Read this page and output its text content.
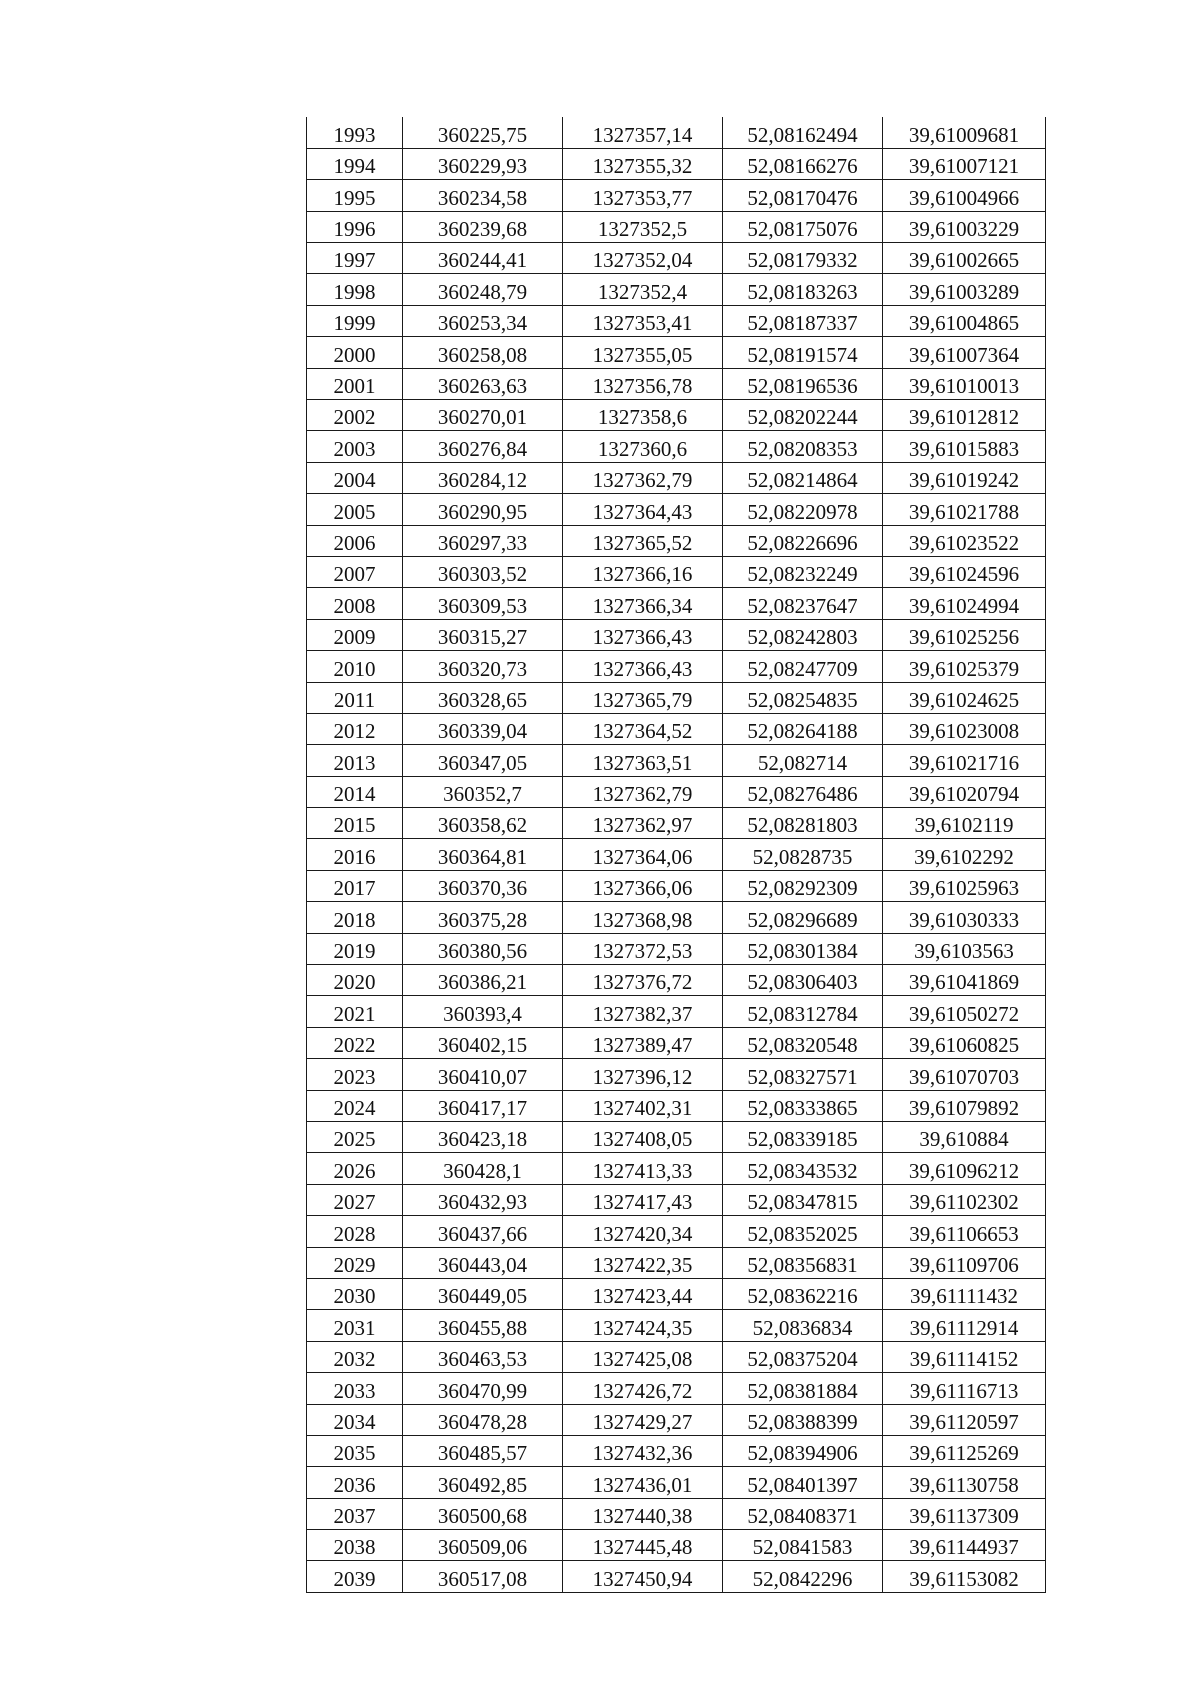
1993	360225,75	1327357,14	52,08162494	39,61009681
1994	360229,93	1327355,32	52,08166276	39,61007121
1995	360234,58	1327353,77	52,08170476	39,61004966
1996	360239,68	1327352,5	52,08175076	39,61003229
1997	360244,41	1327352,04	52,08179332	39,61002665
1998	360248,79	1327352,4	52,08183263	39,61003289
1999	360253,34	1327353,41	52,08187337	39,61004865
2000	360258,08	1327355,05	52,08191574	39,61007364
2001	360263,63	1327356,78	52,08196536	39,61010013
2002	360270,01	1327358,6	52,08202244	39,61012812
2003	360276,84	1327360,6	52,08208353	39,61015883
2004	360284,12	1327362,79	52,08214864	39,61019242
2005	360290,95	1327364,43	52,08220978	39,61021788
2006	360297,33	1327365,52	52,08226696	39,61023522
2007	360303,52	1327366,16	52,08232249	39,61024596
2008	360309,53	1327366,34	52,08237647	39,61024994
2009	360315,27	1327366,43	52,08242803	39,61025256
2010	360320,73	1327366,43	52,08247709	39,61025379
2011	360328,65	1327365,79	52,08254835	39,61024625
2012	360339,04	1327364,52	52,08264188	39,61023008
2013	360347,05	1327363,51	52,082714	39,61021716
2014	360352,7	1327362,79	52,08276486	39,61020794
2015	360358,62	1327362,97	52,08281803	39,6102119
2016	360364,81	1327364,06	52,0828735	39,6102292
2017	360370,36	1327366,06	52,08292309	39,61025963
2018	360375,28	1327368,98	52,08296689	39,61030333
2019	360380,56	1327372,53	52,08301384	39,6103563
2020	360386,21	1327376,72	52,08306403	39,61041869
2021	360393,4	1327382,37	52,08312784	39,61050272
2022	360402,15	1327389,47	52,08320548	39,61060825
2023	360410,07	1327396,12	52,08327571	39,61070703
2024	360417,17	1327402,31	52,08333865	39,61079892
2025	360423,18	1327408,05	52,08339185	39,610884
2026	360428,1	1327413,33	52,08343532	39,61096212
2027	360432,93	1327417,43	52,08347815	39,61102302
2028	360437,66	1327420,34	52,08352025	39,61106653
2029	360443,04	1327422,35	52,08356831	39,61109706
2030	360449,05	1327423,44	52,08362216	39,61111432
2031	360455,88	1327424,35	52,0836834	39,61112914
2032	360463,53	1327425,08	52,08375204	39,61114152
2033	360470,99	1327426,72	52,08381884	39,61116713
2034	360478,28	1327429,27	52,08388399	39,61120597
2035	360485,57	1327432,36	52,08394906	39,61125269
2036	360492,85	1327436,01	52,08401397	39,61130758
2037	360500,68	1327440,38	52,08408371	39,61137309
2038	360509,06	1327445,48	52,0841583	39,61144937
2039	360517,08	1327450,94	52,0842296	39,61153082
